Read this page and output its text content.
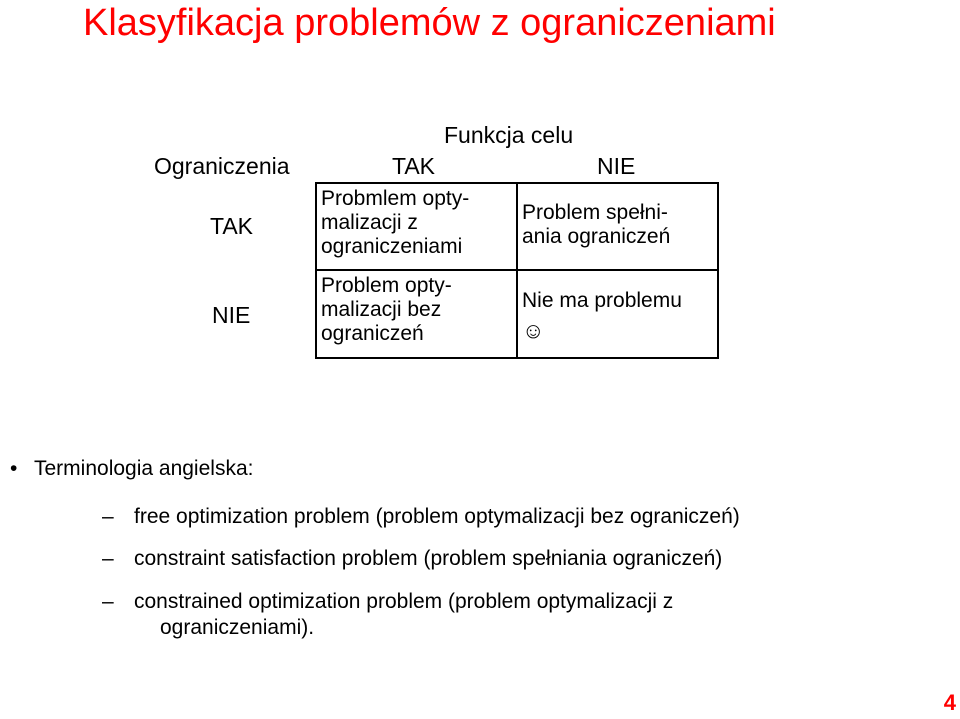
Klasyfikacja problemów z ograniczeniami
Funkcja celu
Ograniczenia	TAK	NIE
TAK
NIE
Probmlem opty-
malizacji z
ograniczeniami
Problem spełni-
ania ograniczeń
Problem opty-
malizacji bez
ograniczeń
Nie ma problemu
☺
• Terminologia angielska:
– free optimization problem (problem optymalizacji bez ograniczeń)
– constraint satisfaction problem (problem spełniania ograniczeń)
– constrained optimization problem (problem optymalizacji z
ograniczeniami).
4
